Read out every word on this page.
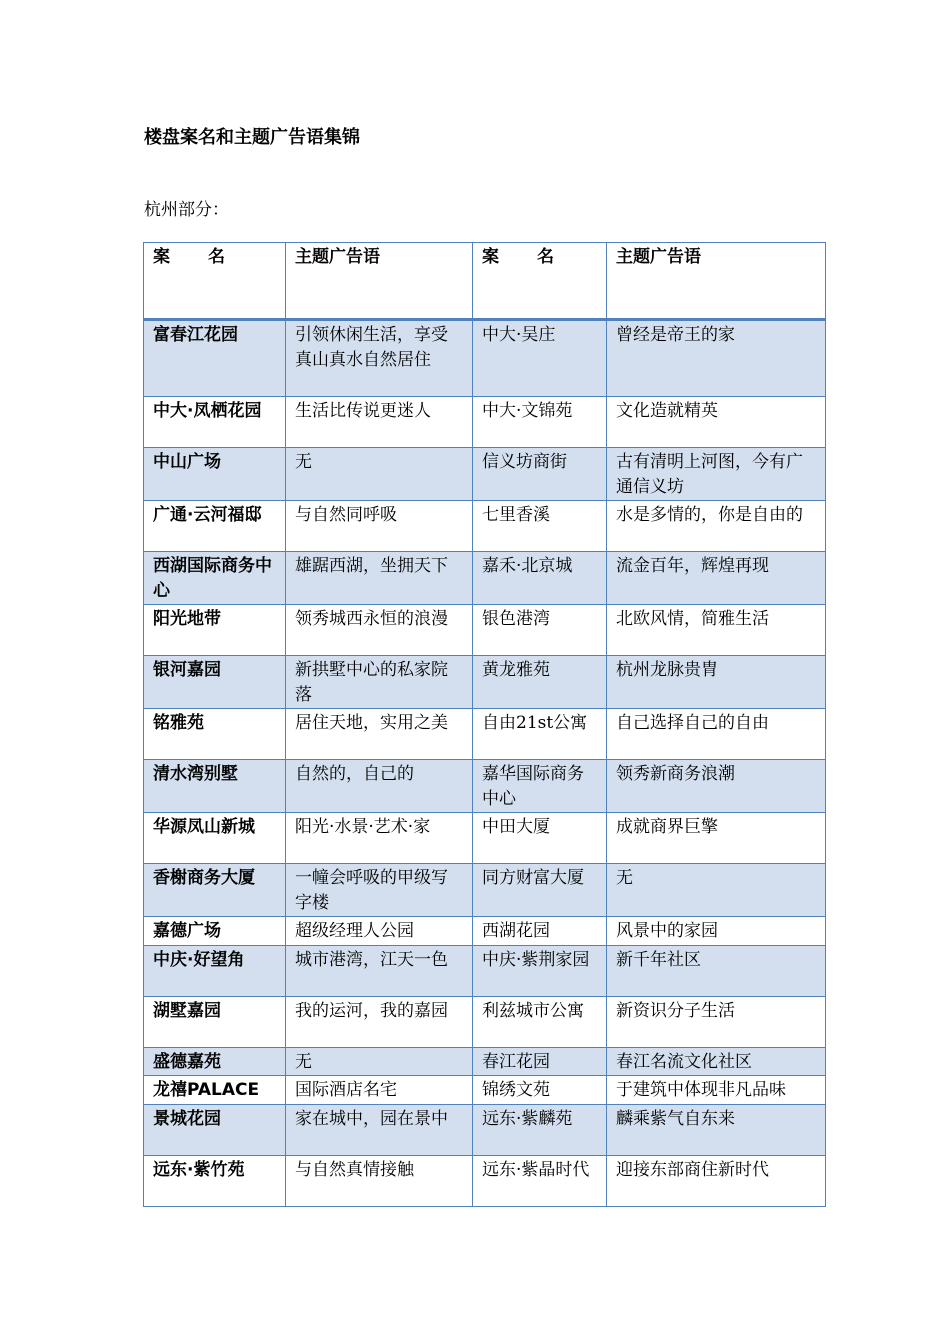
楼盘案名和主题广告语集锦
杭州部分：
案 名	主题广告语	案 名	主题广告语
富春江花园	引领休闲生活，享受真山真水自然居住	中大·吴庄	曾经是帝王的家
中大·凤栖花园	生活比传说更迷人	中大·文锦苑	文化造就精英
中山广场	无	信义坊商街	古有清明上河图，今有广通信义坊
广通·云河福邸	与自然同呼吸	七里香溪	水是多情的，你是自由的
西湖国际商务中心	雄踞西湖，坐拥天下	嘉禾·北京城	流金百年，辉煌再现
阳光地带	领秀城西永恒的浪漫	银色港湾	北欧风情，简雅生活
银河嘉园	新拱墅中心的私家院落	黄龙雅苑	杭州龙脉贵胄
铭雅苑	居住天地，实用之美	自由21st公寓	自己选择自己的自由
清水湾别墅	自然的，自己的	嘉华国际商务中心	领秀新商务浪潮
华源凤山新城	阳光·水景·艺术·家	中田大厦	成就商界巨擎
香榭商务大厦	一幢会呼吸的甲级写字楼	同方财富大厦	无
嘉德广场	超级经理人公园	西湖花园	风景中的家园
中庆·好望角	城市港湾，江天一色	中庆·紫荆家园	新千年社区
湖墅嘉园	我的运河，我的嘉园	利兹城市公寓	新资识分子生活
盛德嘉苑	无	春江花园	春江名流文化社区
龙禧PALACE	国际酒店名宅	锦绣文苑	于建筑中体现非凡品味
景城花园	家在城中，园在景中	远东·紫麟苑	麟乘紫气自东来
远东·紫竹苑	与自然真情接触	远东·紫晶时代	迎接东部商住新时代
